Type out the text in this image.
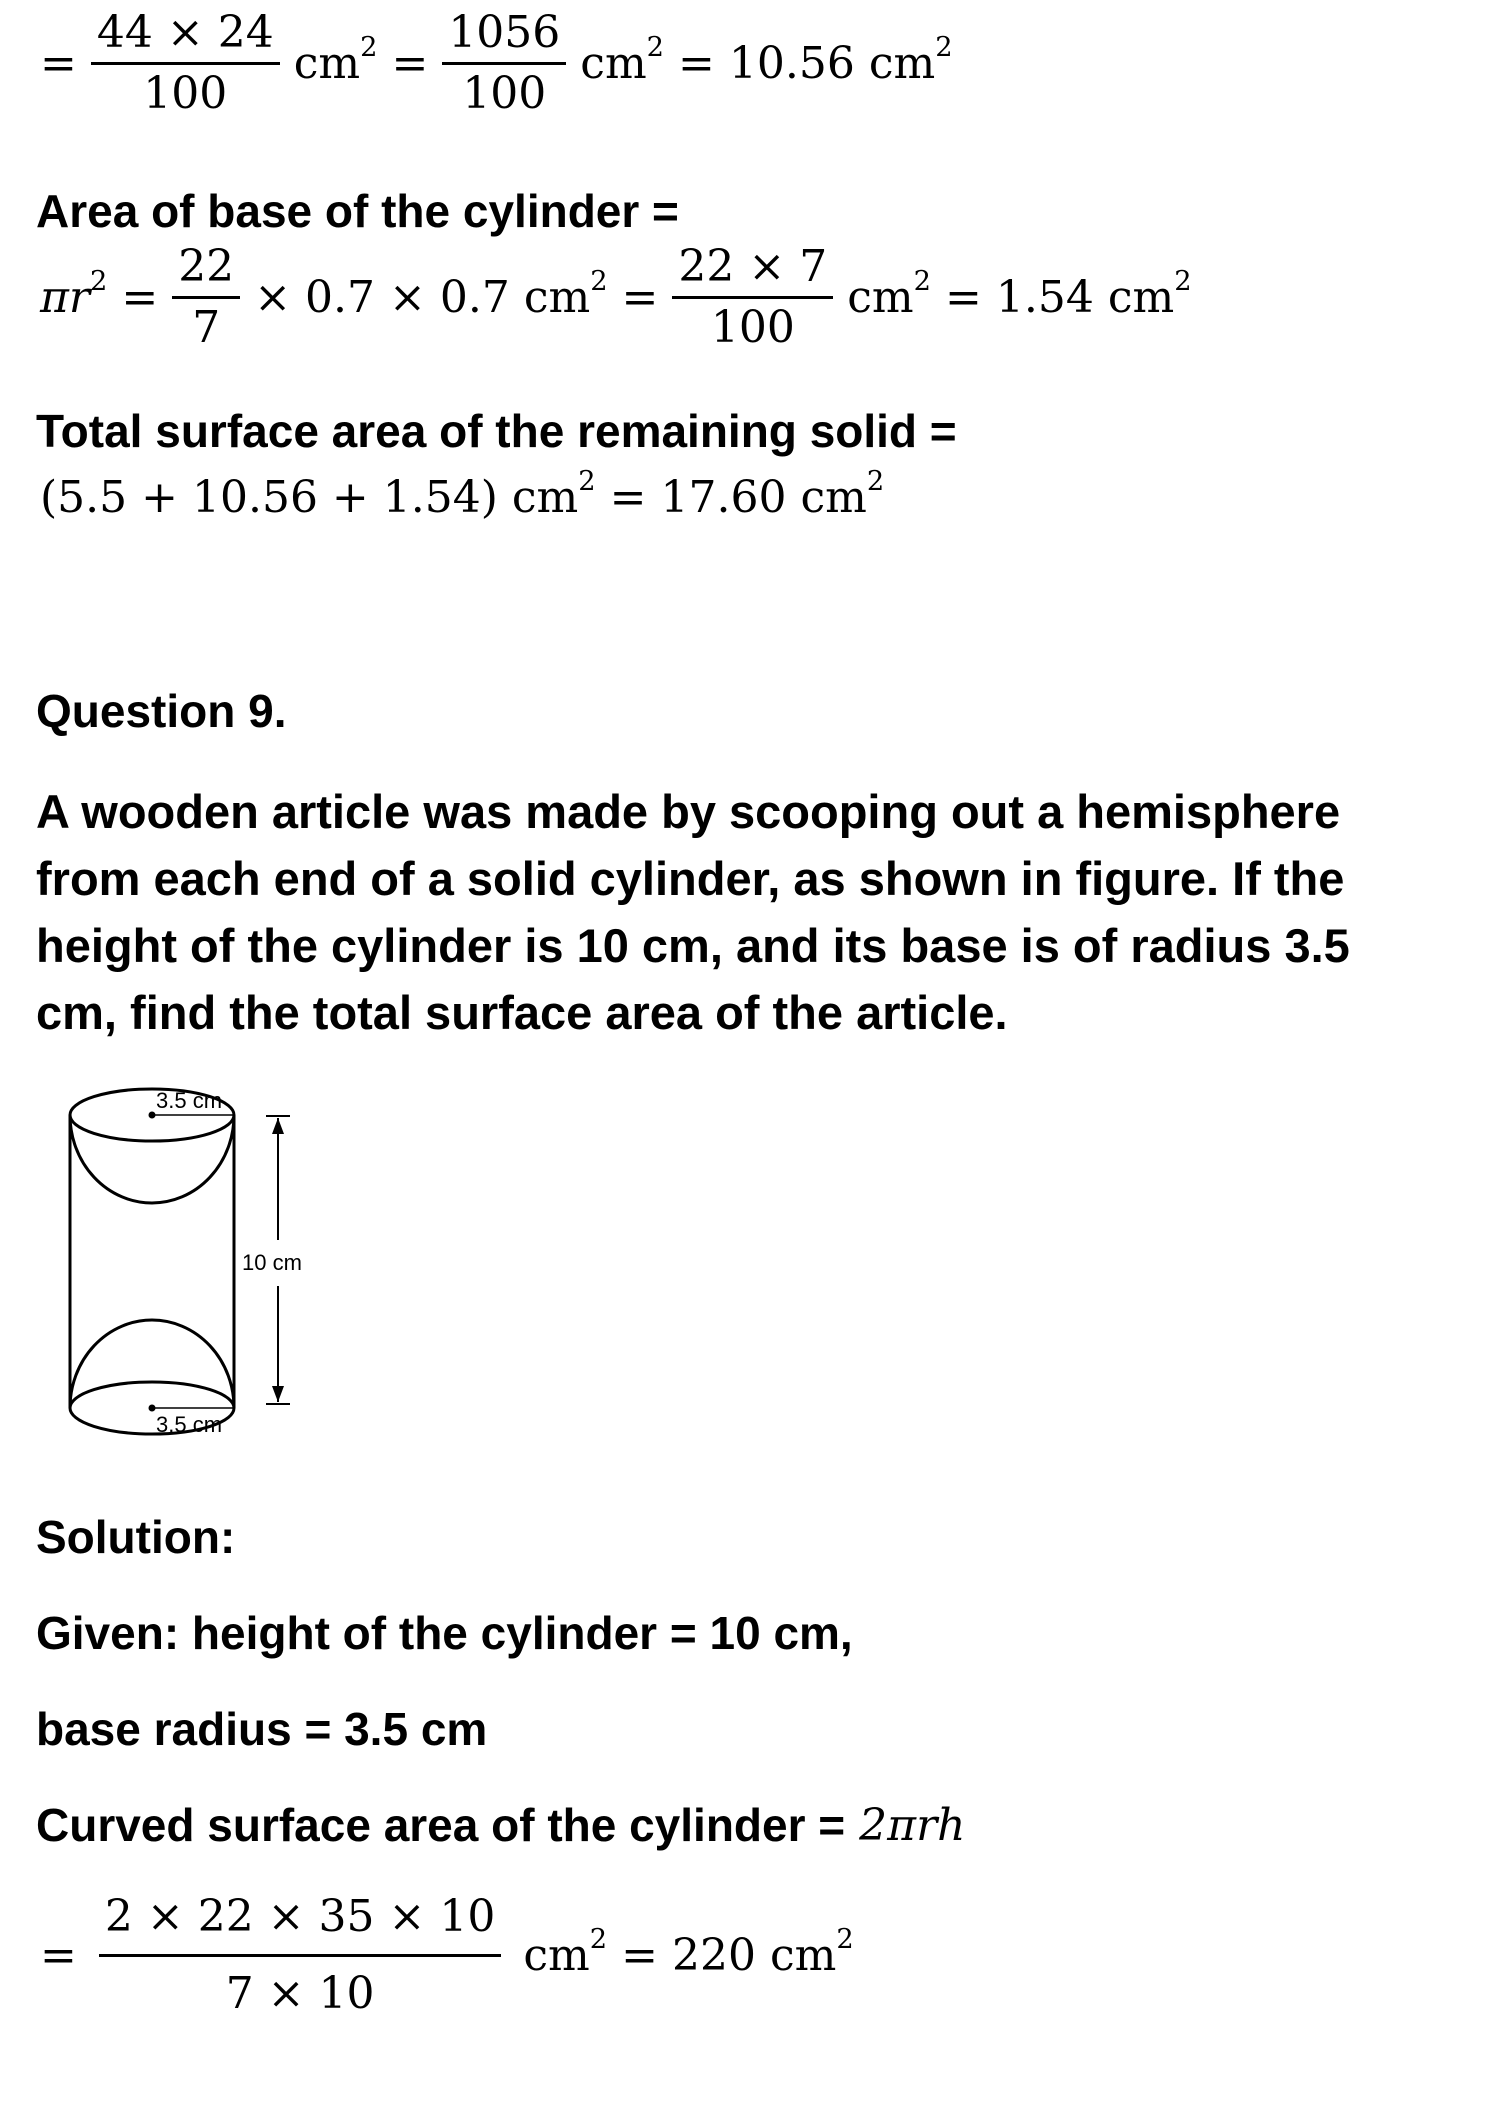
= $\frac{44 \times 24}{100} cm^2 = \frac{1056}{100} cm^2 = 10.56$ $cm^2$
Area of base of the cylinder =
$\pi r^2 = \frac{22}{7} \times 0.7 \times 0.7$ $cm^2 = \frac{22 \times 7}{100} cm^2 = 1.54$ $cm^2$
Total surface area of the remaining solid =
(5.5 + 10.56 + 1.54) $cm^2 = 17.60$ $cm^2$
Question 9.
A wooden article was made by scooping out a hemisphere
from each end of a solid cylinder, as shown in figure. If the
height of the cylinder is 10 cm, and its base is of radius 3.5
cm, find the total surface area of the article.
3.5 cm
10 cm
3.5 cm
Solution:
Given: height of the cylinder = 10 cm,
base radius = 3.5 cm
Curved surface area of the cylinder = 2πrh
= $\frac{2 \times 22 \times 35 \times 10}{7 \times 10} cm^2 = 220$ $cm^2$
